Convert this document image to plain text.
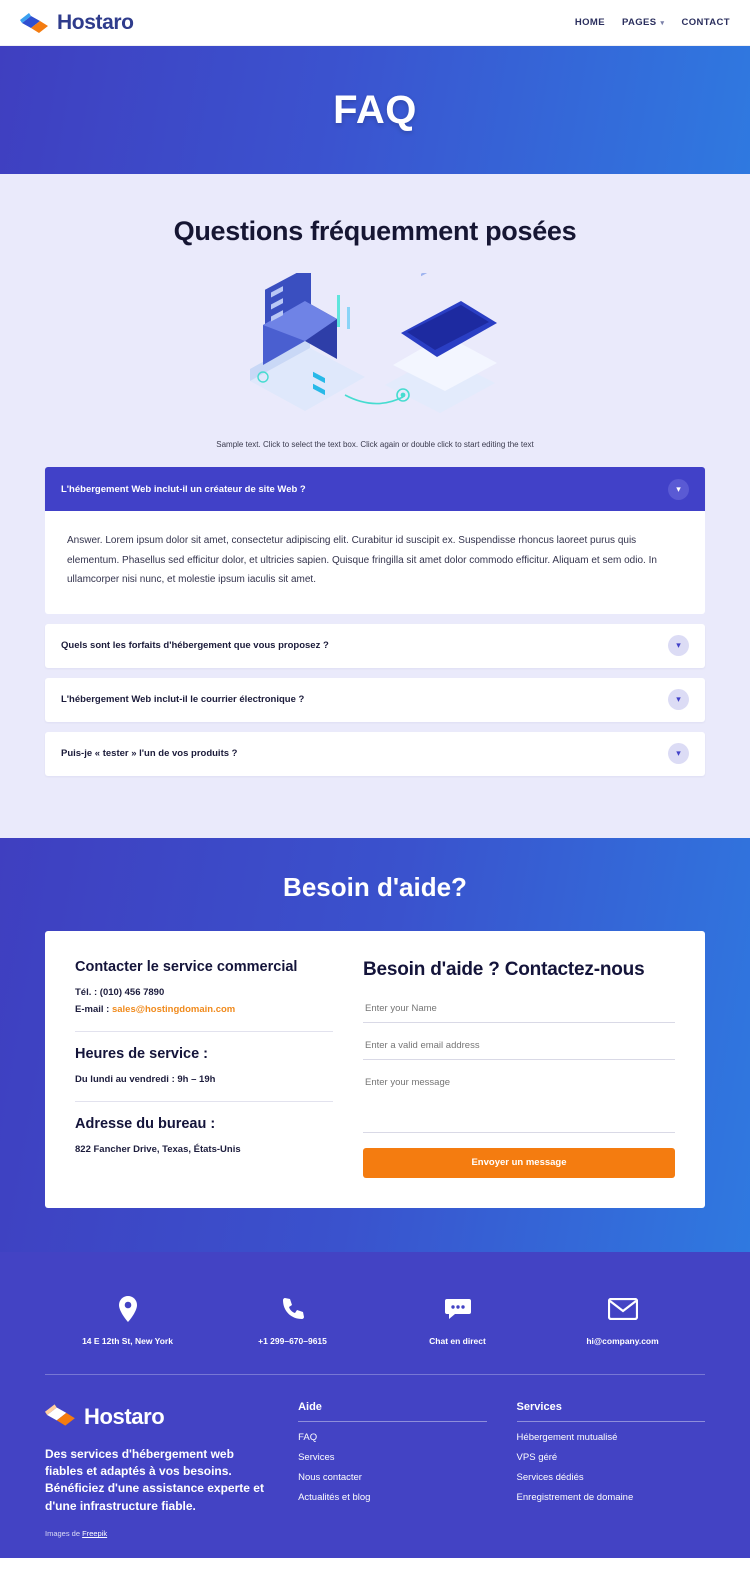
Hostaro	HOME PAGES ▾ CONTACT
FAQ
Questions fréquemment posées
Sample text. Click to select the text box. Click again or double click to start editing the text
L'hébergement Web inclut-il un créateur de site Web ?	▾

Answer. Lorem ipsum dolor sit amet, consectetur adipiscing elit. Curabitur id suscipit ex. Suspendisse rhoncus laoreet purus quis elementum. Phasellus sed efficitur dolor, et ultricies sapien. Quisque fringilla sit amet dolor commodo efficitur. Aliquam et sem odio. In ullamcorper nisi nunc, et molestie ipsum iaculis sit amet.

Quels sont les forfaits d'hébergement que vous proposez ?	▾
L'hébergement Web inclut-il le courrier électronique ?	▾
Puis-je « tester » l'un de vos produits ?	▾
Besoin d'aide?
Contacter le service commercial
Tél. : (010) 456 7890
E-mail : sales@hostingdomain.com
Heures de service :
Du lundi au vendredi : 9h – 19h
Adresse du bureau :
822 Fancher Drive, Texas, États-Unis
Besoin d'aide ? Contactez-nous
Enter your Name
Enter a valid email address
Enter your message Envoyer un message
14 E 12th St, New York	+1 299–670–9615	Chat en direct	hi@company.com
Hostaro
Des services d'hébergement web fiables et adaptés à vos besoins. Bénéficiez d'une assistance experte et d'une infrastructure fiable.
Aide
FAQ
Services
Nous contacter
Actualités et blog
Services
Hébergement mutualisé
VPS géré
Services dédiés
Enregistrement de domaine
Images de Freepik
